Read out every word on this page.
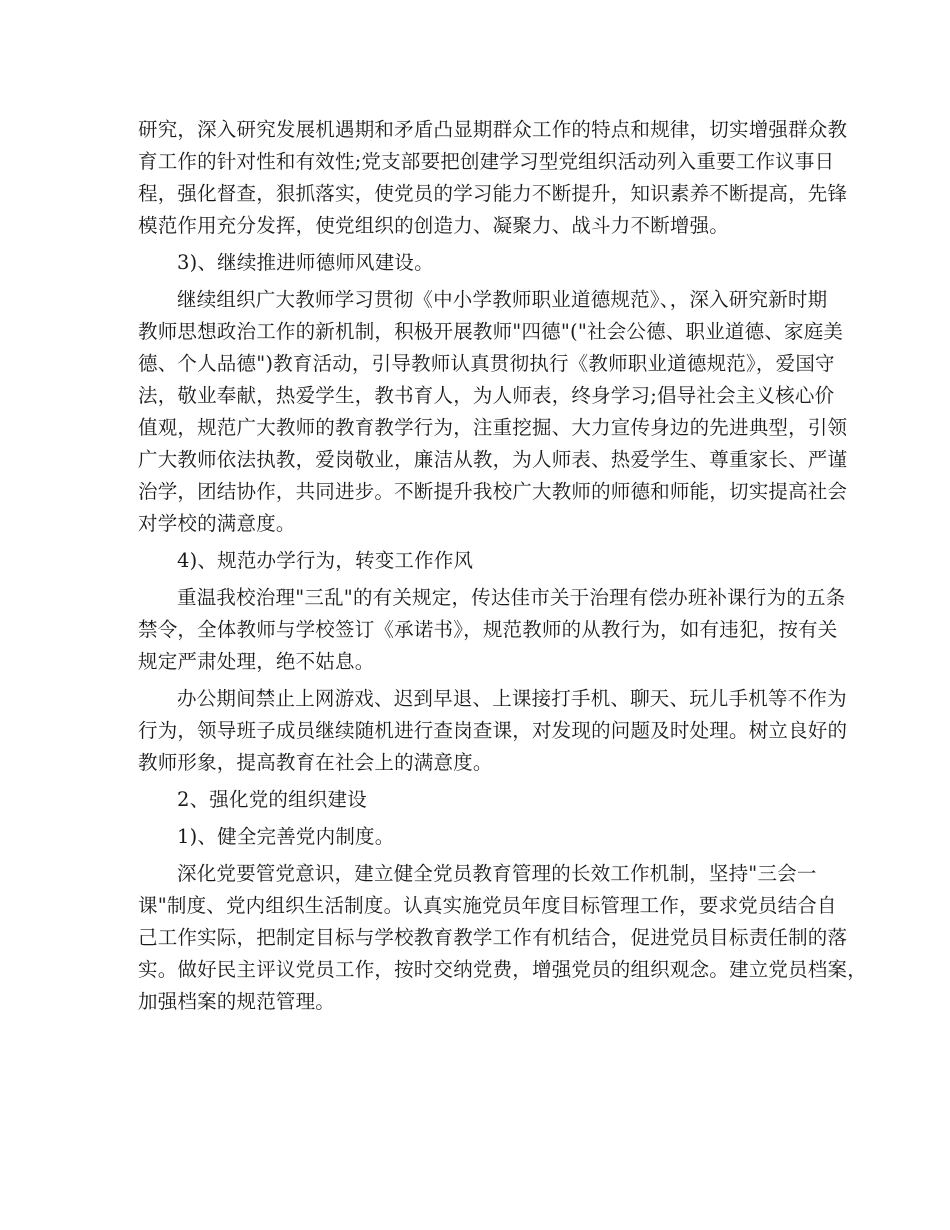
研究，深入研究发展机遇期和矛盾凸显期群众工作的特点和规律，切实增强群众教
育工作的针对性和有效性;党支部要把创建学习型党组织活动列入重要工作议事日
程，强化督查，狠抓落实，使党员的学习能力不断提升，知识素养不断提高，先锋
模范作用充分发挥，使党组织的创造力、凝聚力、战斗力不断增强。
3)、继续推进师德师风建设。
继续组织广大教师学习贯彻《中小学教师职业道德规范》、，深入研究新时期
教师思想政治工作的新机制，积极开展教师"四德"("社会公德、职业道德、家庭美
德、个人品德")教育活动，引导教师认真贯彻执行《教师职业道德规范》，爱国守
法，敬业奉献，热爱学生，教书育人，为人师表，终身学习;倡导社会主义核心价
值观，规范广大教师的教育教学行为，注重挖掘、大力宣传身边的先进典型，引领
广大教师依法执教，爱岗敬业，廉洁从教，为人师表、热爱学生、尊重家长、严谨
治学，团结协作，共同进步。不断提升我校广大教师的师德和师能，切实提高社会
对学校的满意度。
4)、规范办学行为，转变工作作风
重温我校治理"三乱"的有关规定，传达佳市关于治理有偿办班补课行为的五条
禁令，全体教师与学校签订《承诺书》，规范教师的从教行为，如有违犯，按有关
规定严肃处理，绝不姑息。
办公期间禁止上网游戏、迟到早退、上课接打手机、聊天、玩儿手机等不作为
行为，领导班子成员继续随机进行查岗查课，对发现的问题及时处理。树立良好的
教师形象，提高教育在社会上的满意度。
2、强化党的组织建设
1)、健全完善党内制度。
深化党要管党意识，建立健全党员教育管理的长效工作机制，坚持"三会一
课"制度、党内组织生活制度。认真实施党员年度目标管理工作，要求党员结合自
己工作实际，把制定目标与学校教育教学工作有机结合，促进党员目标责任制的落
实。做好民主评议党员工作，按时交纳党费，增强党员的组织观念。建立党员档案，
加强档案的规范管理。
